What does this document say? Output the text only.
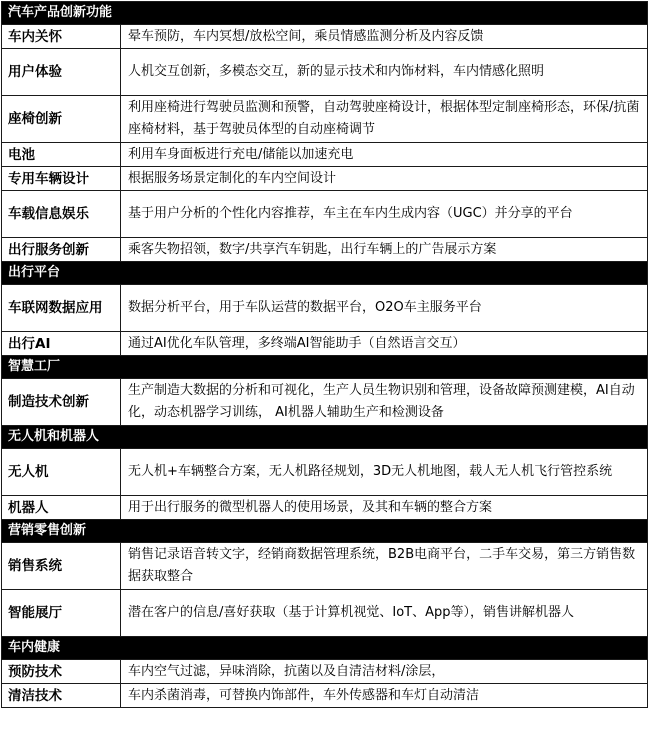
汽车产品创新功能	
车内关怀	晕车预防，车内冥想/放松空间，乘员情感监测分析及内容反馈
用户体验	人机交互创新，多模态交互，新的显示技术和内饰材料，车内情感化照明
座椅创新	利用座椅进行驾驶员监测和预警，自动驾驶座椅设计，根据体型定制座椅形态，环保/抗菌座椅材料，基于驾驶员体型的自动座椅调节
电池	利用车身面板进行充电/储能以加速充电
专用车辆设计	根据服务场景定制化的车内空间设计
车载信息娱乐	基于用户分析的个性化内容推荐，车主在车内生成内容（UGC）并分享的平台
出行服务创新	乘客失物招领，数字/共享汽车钥匙，出行车辆上的广告展示方案
出行平台	
车联网数据应用	数据分析平台，用于车队运营的数据平台，O2O车主服务平台
出行AI	通过AI优化车队管理，多终端AI智能助手（自然语言交互）
智慧工厂	
制造技术创新	生产制造大数据的分析和可视化，生产人员生物识别和管理，设备故障预测建模，AI自动化，动态机器学习训练， AI机器人辅助生产和检测设备
无人机和机器人	
无人机	无人机+车辆整合方案，无人机路径规划，3D无人机地图，载人无人机飞行管控系统
机器人	用于出行服务的微型机器人的使用场景，及其和车辆的整合方案
营销零售创新	
销售系统	销售记录语音转文字，经销商数据管理系统，B2B电商平台，二手车交易，第三方销售数据获取整合
智能展厅	潜在客户的信息/喜好获取（基于计算机视觉、IoT、App等），销售讲解机器人
车内健康	
预防技术	车内空气过滤，异味消除，抗菌以及自清洁材料/涂层，
清洁技术	车内杀菌消毒，可替换内饰部件，车外传感器和车灯自动清洁
